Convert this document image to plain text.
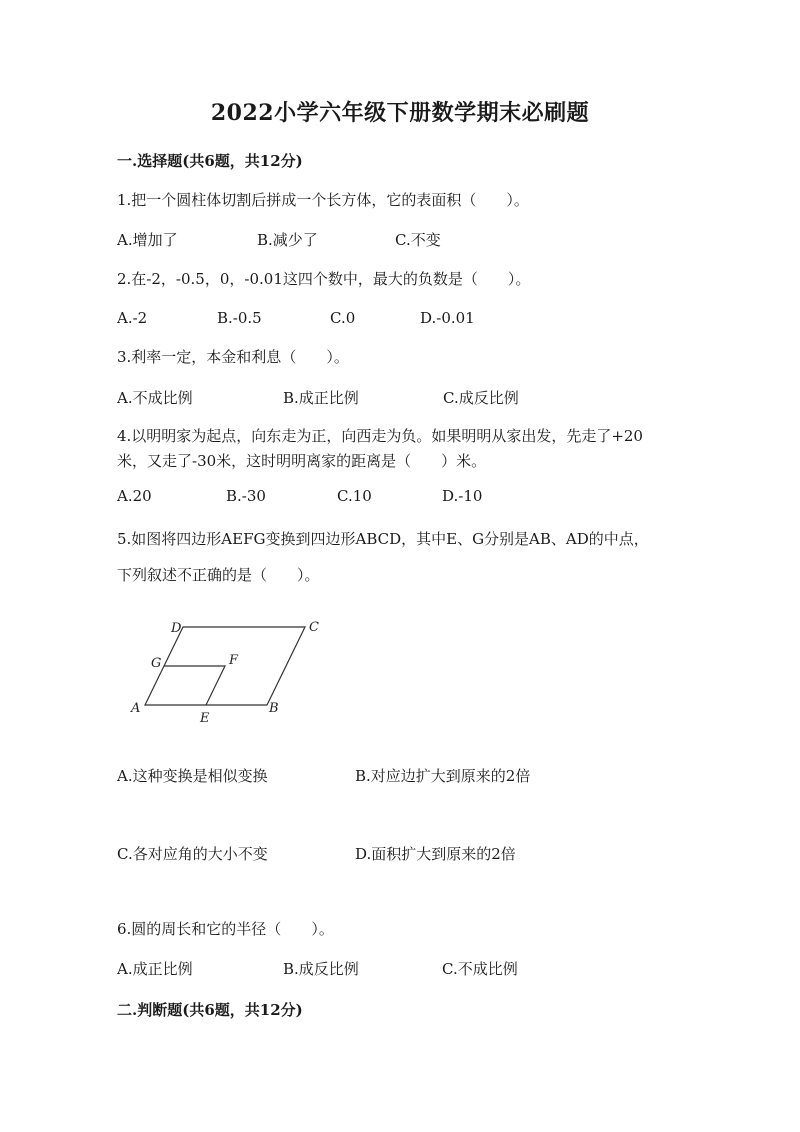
2022小学六年级下册数学期末必刷题
一.选择题(共6题，共12分)
1.把一个圆柱体切割后拼成一个长方体，它的表面积（　　）。
A.增加了	B.减少了	C.不变
2.在-2，-0.5，0，-0.01这四个数中，最大的负数是（　　）。
A.-2	B.-0.5	C.0	D.-0.01
3.利率一定，本金和利息（　　）。
A.不成比例	B.成正比例	C.成反比例
4.以明明家为起点，向东走为正，向西走为负。如果明明从家出发，先走了+20
米，又走了-30米，这时明明离家的距离是（　　）米。
A.20	B.-30	C.10	D.-10
5.如图将四边形AEFG变换到四边形ABCD，其中E、G分别是AB、AD的中点，
下列叙述不正确的是（　　）。
A	B
C
D
E
F
G
A.这种变换是相似变换	B.对应边扩大到原来的2倍
C.各对应角的大小不变	D.面积扩大到原来的2倍
6.圆的周长和它的半径（　　）。
A.成正比例	B.成反比例	C.不成比例
二.判断题(共6题，共12分)
